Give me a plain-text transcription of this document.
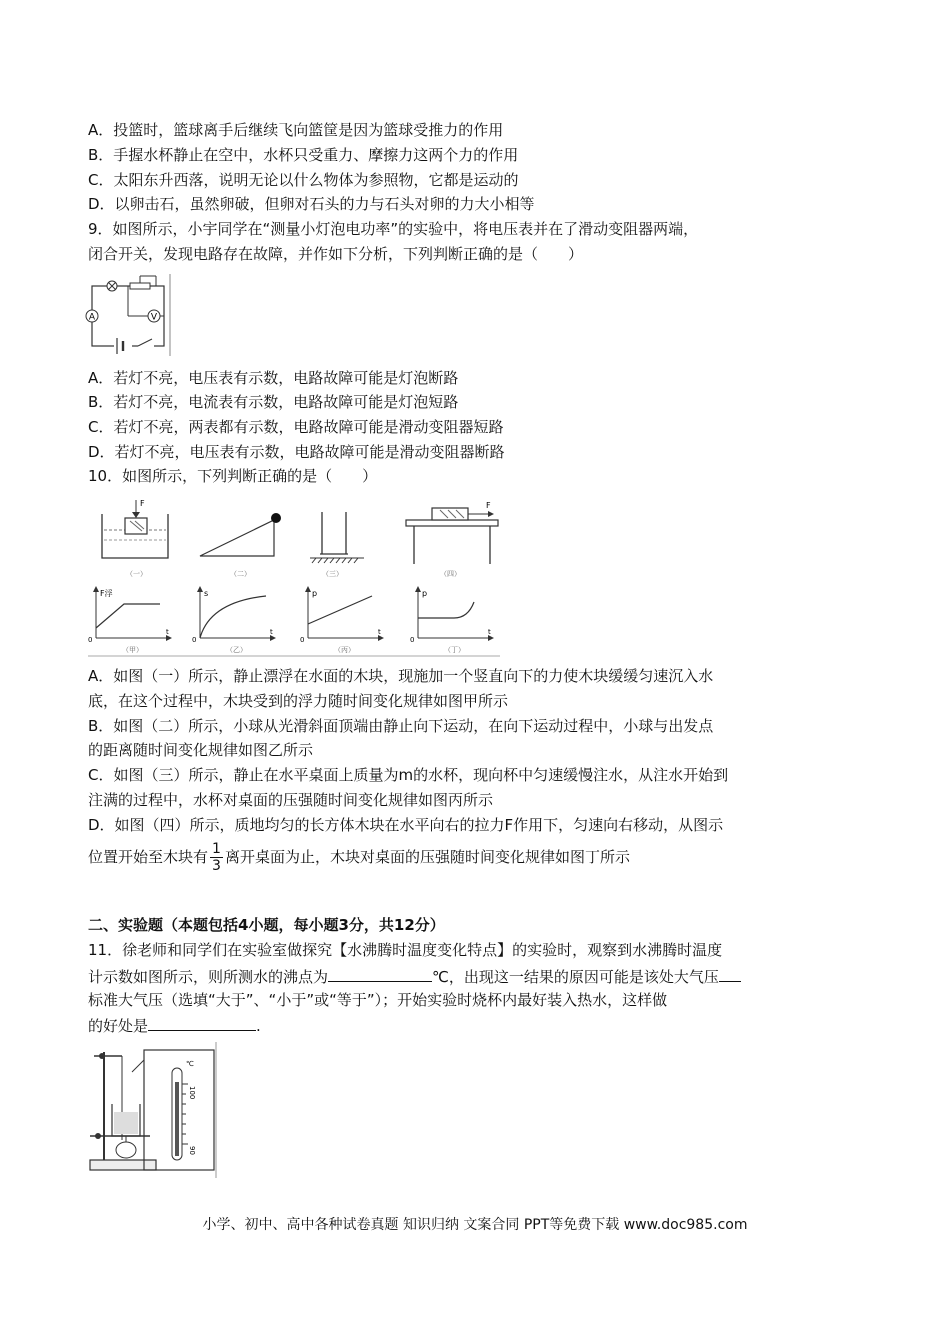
A．投篮时，篮球离手后继续飞向篮筐是因为篮球受推力的作用
B．手握水杯静止在空中，水杯只受重力、摩擦力这两个力的作用
C．太阳东升西落，说明无论以什么物体为参照物，它都是运动的
D．以卵击石，虽然卵破，但卵对石头的力与石头对卵的力大小相等
9．如图所示，小宇同学在“测量小灯泡电功率”的实验中，将电压表并在了滑动变阻器两端，
闭合开关，发现电路存在故障，并作如下分析，下列判断正确的是（　　）
V
A
A．若灯不亮，电压表有示数，电路故障可能是灯泡断路
B．若灯不亮，电流表有示数，电路故障可能是灯泡短路
C．若灯不亮，两表都有示数，电路故障可能是滑动变阻器短路
D．若灯不亮，电压表有示数，电路故障可能是滑动变阻器断路
10．如图所示，下列判断正确的是（　　）
F
（一）	（二）	（三）
F
（四）
F浮
t
0
（甲）
s
t
0
（乙）
p
t
0
（丙）
p
t
0
（丁）
A．如图（一）所示，静止漂浮在水面的木块，现施加一个竖直向下的力使木块缓缓匀速沉入水
底，在这个过程中，木块受到的浮力随时间变化规律如图甲所示
B．如图（二）所示，小球从光滑斜面顶端由静止向下运动，在向下运动过程中，小球与出发点
的距离随时间变化规律如图乙所示
C．如图（三）所示，静止在水平桌面上质量为m的水杯，现向杯中匀速缓慢注水，从注水开始到
注满的过程中，水杯对桌面的压强随时间变化规律如图丙所示
D．如图（四）所示，质地均匀的长方体木块在水平向右的拉力F作用下，匀速向右移动，从图示
位置开始至木块有 $\frac{1}{3}$ 离开桌面为止，木块对桌面的压强随时间变化规律如图丁所示
二、实验题（本题包括4小题，每小题3分，共12分）
11．徐老师和同学们在实验室做探究【水沸腾时温度变化特点】的实验时，观察到水沸腾时温度
计示数如图所示，则所测水的沸点为	℃，出现这一结果的原因可能是该处大气压
标准大气压（选填“大于”、“小于”或“等于”）；开始实验时烧杯内最好装入热水，这样做
的好处是	.
℃
100
90
小学、初中、高中各种试卷真题 知识归纳 文案合同 PPT等免费下载 www.doc985.com
